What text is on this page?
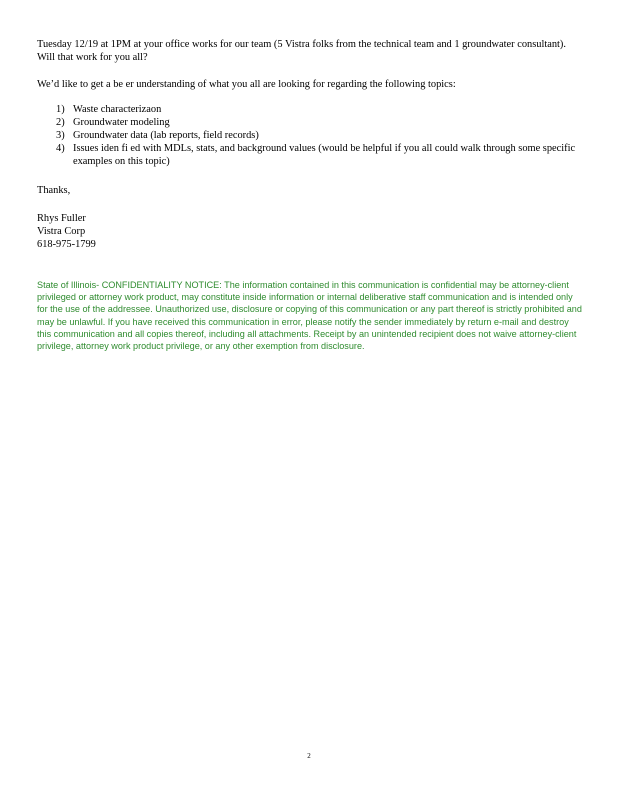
Tuesday 12/19 at 1PM at your office works for our team (5 Vistra folks from the technical team and 1 groundwater consultant). Will that work for you all?
We’d like to get a be er understanding of what you all are looking for regarding the following topics:
1) Waste characterizaon
2) Groundwater modeling
3) Groundwater data (lab reports, field records)
4) Issues iden fi ed with MDLs, stats, and background values (would be helpful if you all could walk through some specific examples on this topic)
Thanks,
Rhys Fuller
Vistra Corp
618-975-1799
State of Illinois- CONFIDENTIALITY NOTICE: The information contained in this communication is confidential may be attorney-client privileged or attorney work product, may constitute inside information or internal deliberative staff communication and is intended only for the use of the addressee. Unauthorized use, disclosure or copying of this communication or any part thereof is strictly prohibited and may be unlawful. If you have received this communication in error, please notify the sender immediately by return e-mail and destroy this communication and all copies thereof, including all attachments. Receipt by an unintended recipient does not waive attorney-client privilege, attorney work product privilege, or any other exemption from disclosure.
2
